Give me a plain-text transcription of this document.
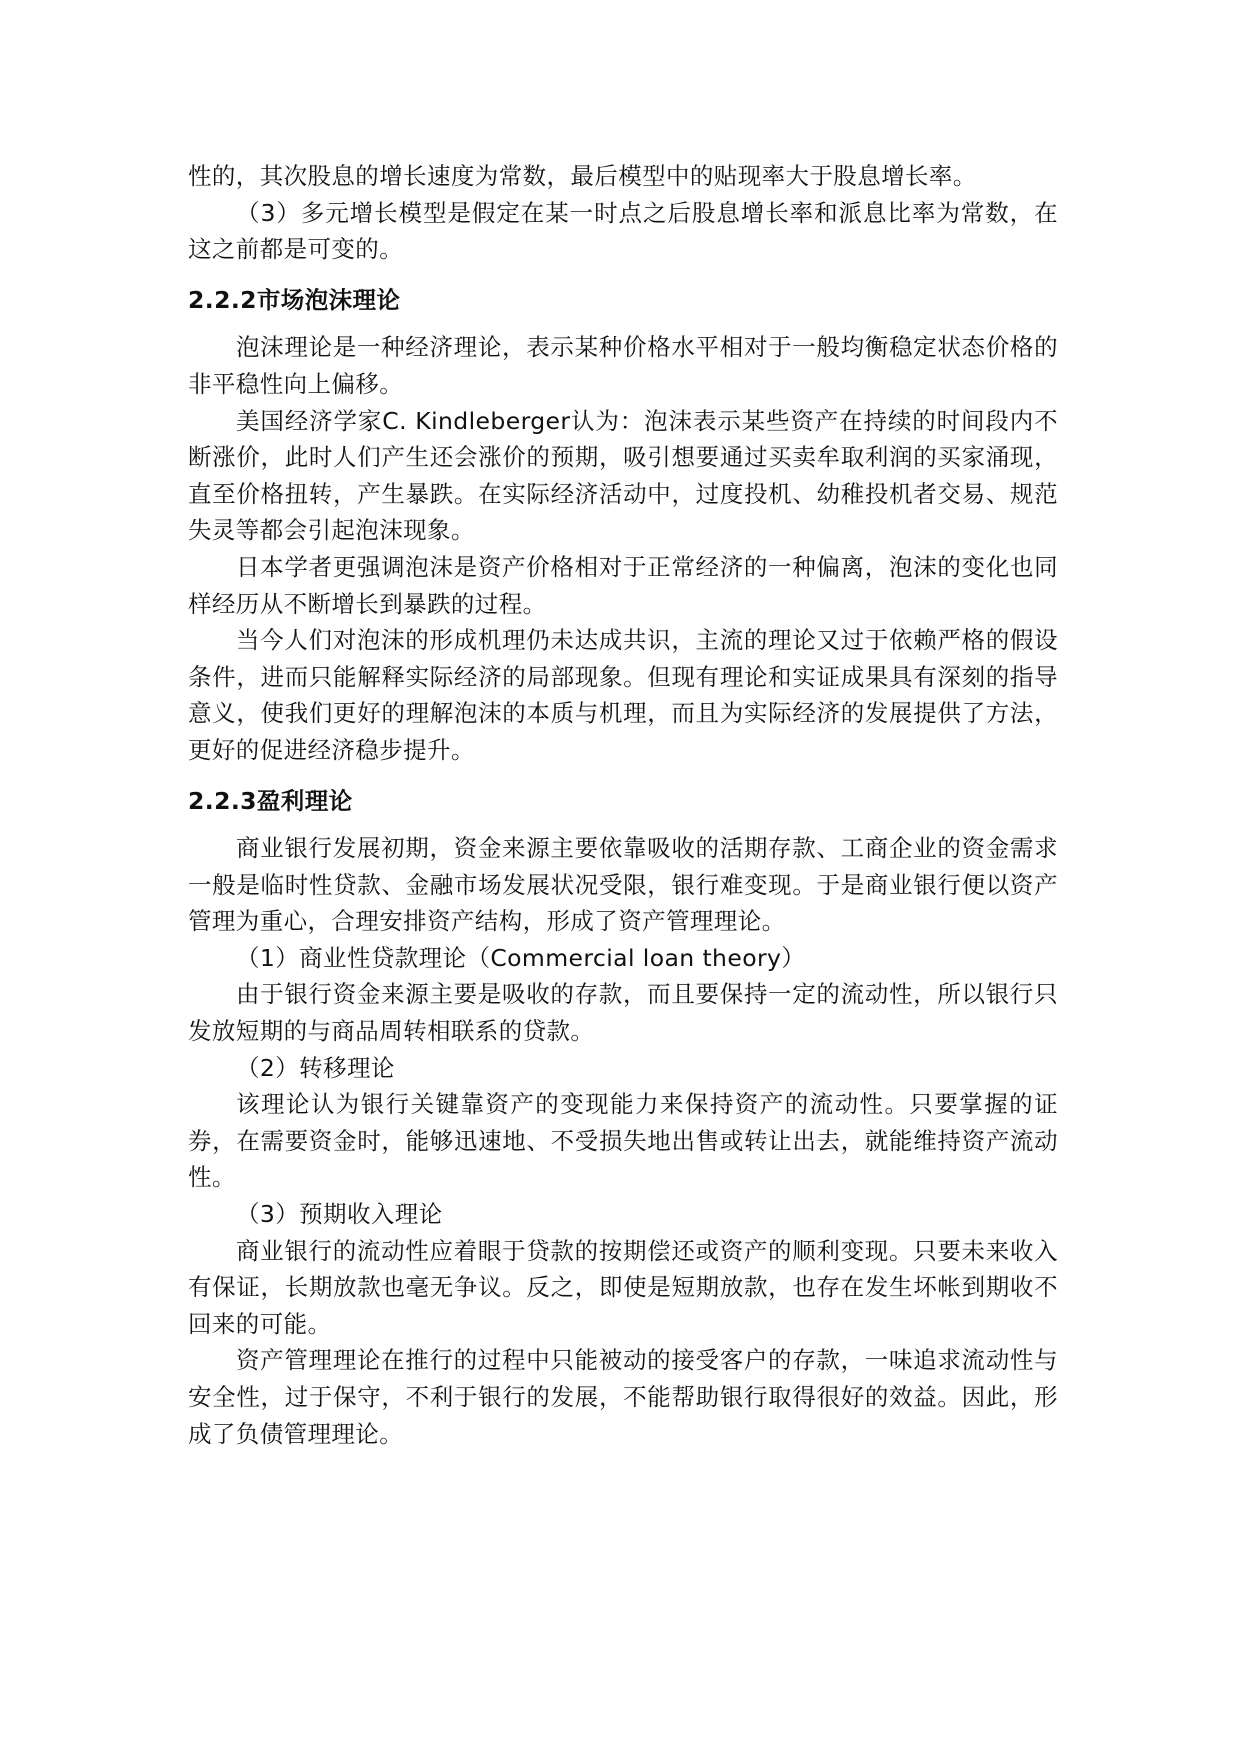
性的，其次股息的增长速度为常数，最后模型中的贴现率大于股息增长率。

（3）多元增长模型是假定在某一时点之后股息增长率和派息比率为常数，在这之前都是可变的。

2.2.2市场泡沫理论

泡沫理论是一种经济理论，表示某种价格水平相对于一般均衡稳定状态价格的非平稳性向上偏移。

美国经济学家C. Kindleberger认为：泡沫表示某些资产在持续的时间段内不断涨价，此时人们产生还会涨价的预期，吸引想要通过买卖牟取利润的买家涌现，直至价格扭转，产生暴跌。在实际经济活动中，过度投机、幼稚投机者交易、规范失灵等都会引起泡沫现象。

日本学者更强调泡沫是资产价格相对于正常经济的一种偏离，泡沫的变化也同样经历从不断增长到暴跌的过程。

当今人们对泡沫的形成机理仍未达成共识，主流的理论又过于依赖严格的假设条件，进而只能解释实际经济的局部现象。但现有理论和实证成果具有深刻的指导意义，使我们更好的理解泡沫的本质与机理，而且为实际经济的发展提供了方法，更好的促进经济稳步提升。

2.2.3盈利理论

商业银行发展初期，资金来源主要依靠吸收的活期存款、工商企业的资金需求一般是临时性贷款、金融市场发展状况受限，银行难变现。于是商业银行便以资产管理为重心，合理安排资产结构，形成了资产管理理论。

（1）商业性贷款理论（Commercial loan theory）

由于银行资金来源主要是吸收的存款，而且要保持一定的流动性，所以银行只发放短期的与商品周转相联系的贷款。

（2）转移理论

该理论认为银行关键靠资产的变现能力来保持资产的流动性。只要掌握的证券，在需要资金时，能够迅速地、不受损失地出售或转让出去，就能维持资产流动性。

（3）预期收入理论

商业银行的流动性应着眼于贷款的按期偿还或资产的顺利变现。只要未来收入有保证，长期放款也毫无争议。反之，即使是短期放款，也存在发生坏帐到期收不回来的可能。

资产管理理论在推行的过程中只能被动的接受客户的存款，一味追求流动性与安全性，过于保守，不利于银行的发展，不能帮助银行取得很好的效益。因此，形成了负债管理理论。
